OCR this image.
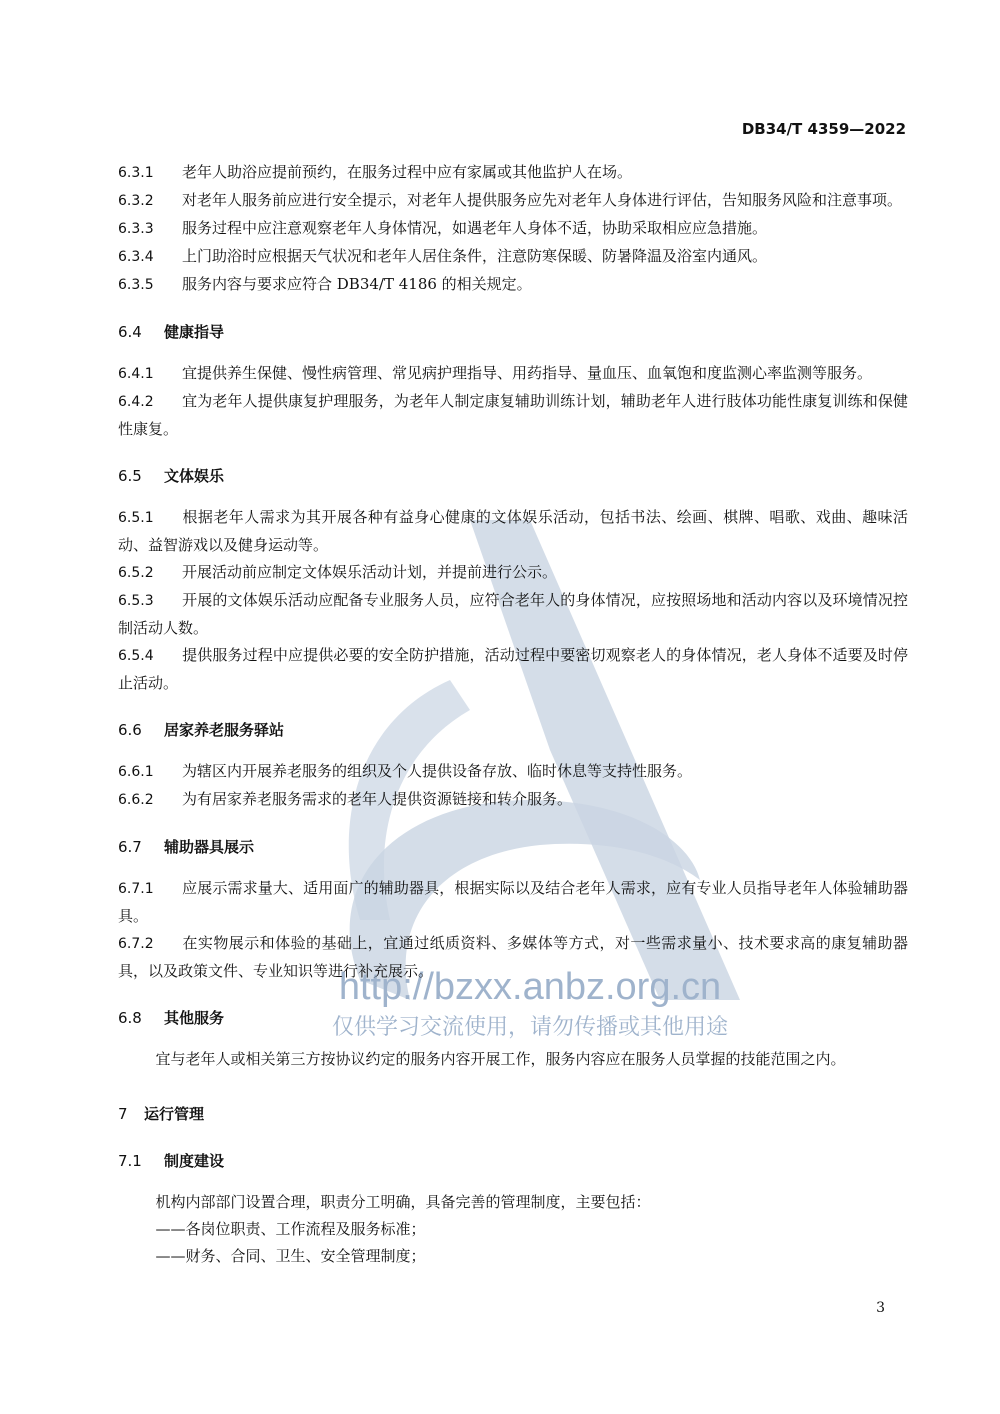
http://bzxx.anbz.org.cn
仅供学习交流使用，请勿传播或其他用途
DB34/T 4359—2022

6.3.1 老年人助浴应提前预约，在服务过程中应有家属或其他监护人在场。

6.3.2 对老年人服务前应进行安全提示，对老年人提供服务应先对老年人身体进行评估，告知服务风险和注意事项。

6.3.3 服务过程中应注意观察老年人身体情况，如遇老年人身体不适，协助采取相应应急措施。

6.3.4 上门助浴时应根据天气状况和老年人居住条件，注意防寒保暖、防暑降温及浴室内通风。

6.3.5 服务内容与要求应符合 DB34/T 4186 的相关规定。

6.4 健康指导

6.4.1 宜提供养生保健、慢性病管理、常见病护理指导、用药指导、量血压、血氧饱和度监测心率监测等服务。

6.4.2 宜为老年人提供康复护理服务，为老年人制定康复辅助训练计划，辅助老年人进行肢体功能性康复训练和保健性康复。

6.5 文体娱乐

6.5.1 根据老年人需求为其开展各种有益身心健康的文体娱乐活动，包括书法、绘画、棋牌、唱歌、戏曲、趣味活动、益智游戏以及健身运动等。

6.5.2 开展活动前应制定文体娱乐活动计划，并提前进行公示。

6.5.3 开展的文体娱乐活动应配备专业服务人员，应符合老年人的身体情况，应按照场地和活动内容以及环境情况控制活动人数。

6.5.4 提供服务过程中应提供必要的安全防护措施，活动过程中要密切观察老人的身体情况，老人身体不适要及时停止活动。

6.6 居家养老服务驿站

6.6.1 为辖区内开展养老服务的组织及个人提供设备存放、临时休息等支持性服务。

6.6.2 为有居家养老服务需求的老年人提供资源链接和转介服务。

6.7 辅助器具展示

6.7.1 应展示需求量大、适用面广的辅助器具，根据实际以及结合老年人需求，应有专业人员指导老年人体验辅助器具。

6.7.2 在实物展示和体验的基础上，宜通过纸质资料、多媒体等方式，对一些需求量小、技术要求高的康复辅助器具，以及政策文件、专业知识等进行补充展示。

6.8 其他服务

宜与老年人或相关第三方按协议约定的服务内容开展工作，服务内容应在服务人员掌握的技能范围之内。

7 运行管理

7.1 制度建设

机构内部部门设置合理，职责分工明确，具备完善的管理制度，主要包括：

——各岗位职责、工作流程及服务标准；

——财务、合同、卫生、安全管理制度；

3
